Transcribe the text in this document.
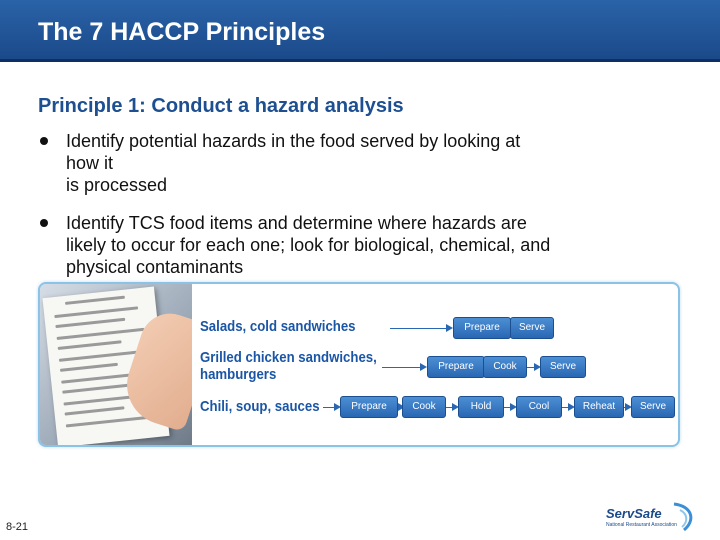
The 7 HACCP Principles
Principle 1: Conduct a hazard analysis
Identify potential hazards in the food served by looking at
how it
is processed
Identify TCS food items and determine where hazards are
likely to occur for each one; look for biological, chemical, and
physical contaminants
Salads, cold sandwiches	Prepare	Serve
Grilled chicken sandwiches,
hamburgers	Prepare	Cook	Serve
Chili, soup, sauces	Prepare	Cook	Hold	Cool	Reheat	Serve
8-21
ServSafe
National Restaurant Association
